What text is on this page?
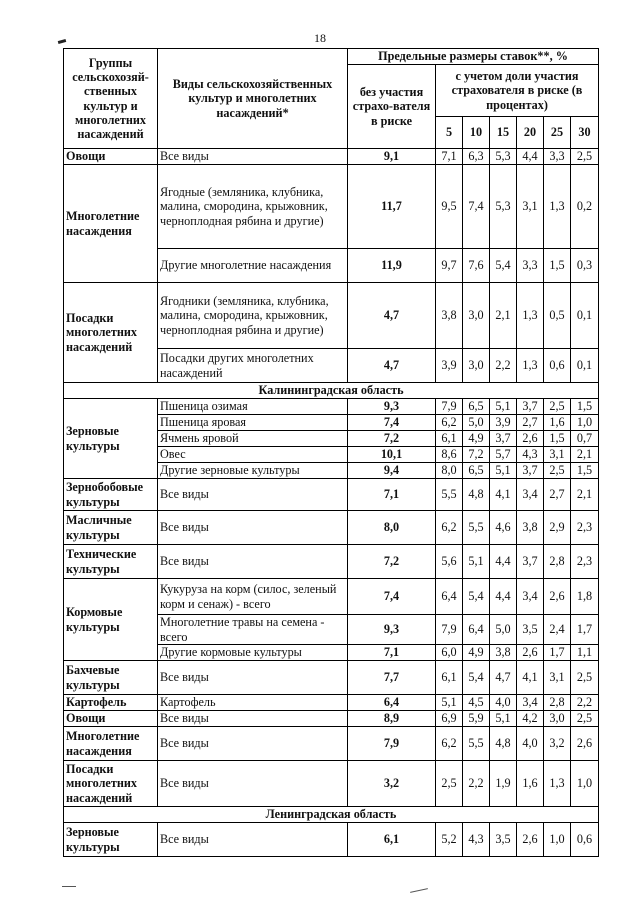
18
Группы сельскохозяй-ственных культур и многолетних насаждений	Виды сельскохозяйственных культур и многолетних насаждений*	Предельные размеры ставок**, %						
		без участия страхо-вателя в риске	с учетом доли участия страхователя в риске (в процентах)					
			5	10	15	20	25	30
Овощи	Все виды	9,1	7,1	6,3	5,3	4,4	3,3	2,5
Многолетние насаждения	Ягодные (земляника, клубника, малина, смородина, крыжовник, черноплодная рябина и другие)	11,7	9,5	7,4	5,3	3,1	1,3	0,2
	Другие многолетние насаждения	11,9	9,7	7,6	5,4	3,3	1,5	0,3
Посадки многолетних насаждений	Ягодники (земляника, клубника, малина, смородина, крыжовник, черноплодная рябина и другие)	4,7	3,8	3,0	2,1	1,3	0,5	0,1
	Посадки других многолетних насаждений	4,7	3,9	3,0	2,2	1,3	0,6	0,1
Калининградская область								
Зерновые культуры	Пшеница озимая	9,3	7,9	6,5	5,1	3,7	2,5	1,5
	Пшеница яровая	7,4	6,2	5,0	3,9	2,7	1,6	1,0
	Ячмень яровой	7,2	6,1	4,9	3,7	2,6	1,5	0,7
	Овес	10,1	8,6	7,2	5,7	4,3	3,1	2,1
	Другие зерновые культуры	9,4	8,0	6,5	5,1	3,7	2,5	1,5
Зернобобовые культуры	Все виды	7,1	5,5	4,8	4,1	3,4	2,7	2,1
Масличные культуры	Все виды	8,0	6,2	5,5	4,6	3,8	2,9	2,3
Технические культуры	Все виды	7,2	5,6	5,1	4,4	3,7	2,8	2,3
Кормовые культуры	Кукуруза на корм (силос, зеленый корм и сенаж) - всего	7,4	6,4	5,4	4,4	3,4	2,6	1,8
	Многолетние травы на семена - всего	9,3	7,9	6,4	5,0	3,5	2,4	1,7
	Другие кормовые культуры	7,1	6,0	4,9	3,8	2,6	1,7	1,1
Бахчевые культуры	Все виды	7,7	6,1	5,4	4,7	4,1	3,1	2,5
Картофель	Картофель	6,4	5,1	4,5	4,0	3,4	2,8	2,2
Овощи	Все виды	8,9	6,9	5,9	5,1	4,2	3,0	2,5
Многолетние насаждения	Все виды	7,9	6,2	5,5	4,8	4,0	3,2	2,6
Посадки многолетних насаждений	Все виды	3,2	2,5	2,2	1,9	1,6	1,3	1,0
Ленинградская область								
Зерновые культуры	Все виды	6,1	5,2	4,3	3,5	2,6	1,0	0,6
